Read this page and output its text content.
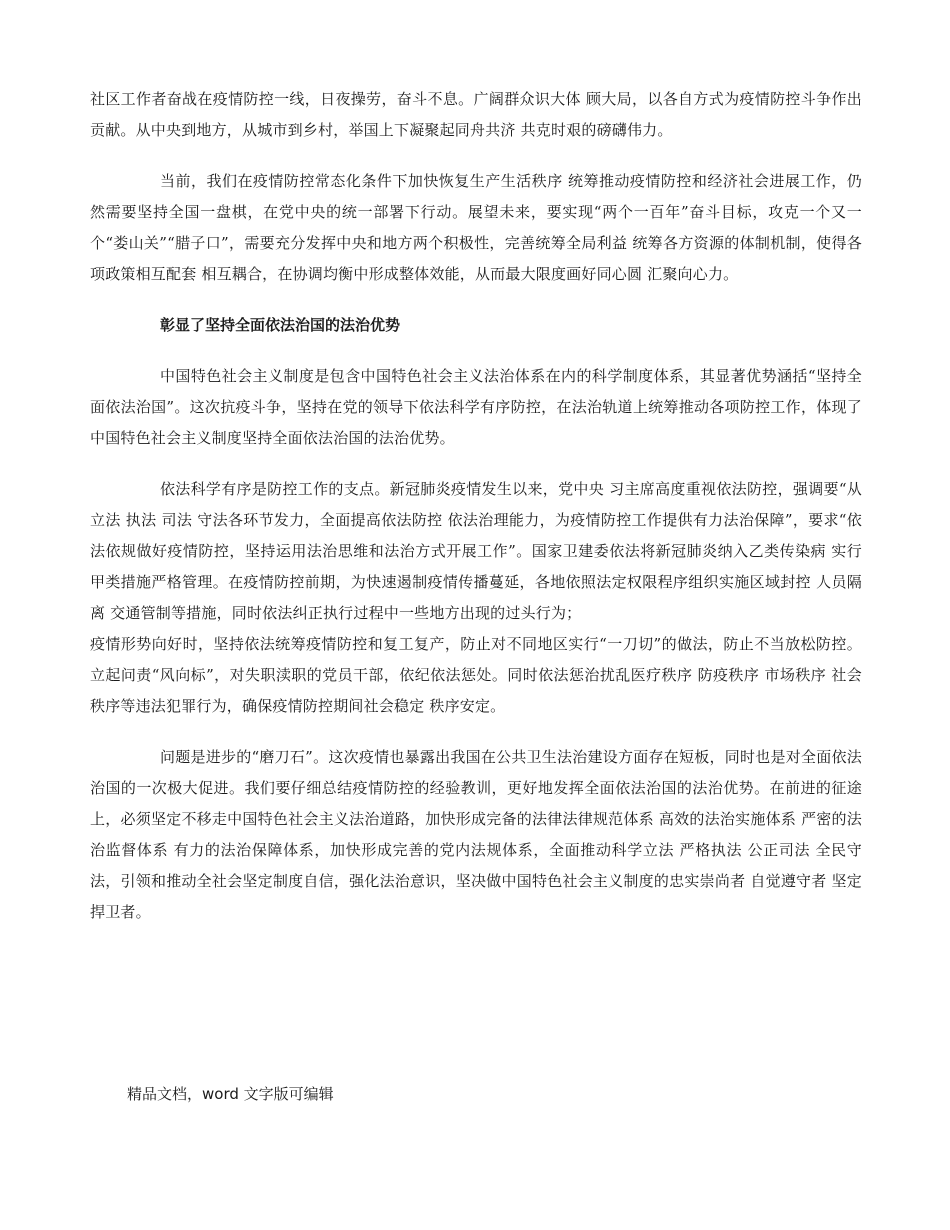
社区工作者奋战在疫情防控一线，日夜操劳，奋斗不息。广阔群众识大体 顾大局，以各自方式为疫情防控斗争作出贡献。从中央到地方，从城市到乡村，举国上下凝聚起同舟共济 共克时艰的磅礴伟力。

当前，我们在疫情防控常态化条件下加快恢复生产生活秩序 统筹推动疫情防控和经济社会进展工作，仍然需要坚持全国一盘棋，在党中央的统一部署下行动。展望未来，要实现“两个一百年”奋斗目标，攻克一个又一个“娄山关”“腊子口”，需要充分发挥中央和地方两个积极性，完善统筹全局利益 统筹各方资源的体制机制，使得各项政策相互配套 相互耦合，在协调均衡中形成整体效能，从而最大限度画好同心圆 汇聚向心力。

彰显了坚持全面依法治国的法治优势

中国特色社会主义制度是包含中国特色社会主义法治体系在内的科学制度体系，其显著优势涵括“坚持全面依法治国”。这次抗疫斗争，坚持在党的领导下依法科学有序防控，在法治轨道上统筹推动各项防控工作，体现了中国特色社会主义制度坚持全面依法治国的法治优势。

依法科学有序是防控工作的支点。新冠肺炎疫情发生以来，党中央 习主席高度重视依法防控，强调要“从立法 执法 司法 守法各环节发力，全面提高依法防控 依法治理能力，为疫情防控工作提供有力法治保障”，要求“依法依规做好疫情防控，坚持运用法治思维和法治方式开展工作”。国家卫建委依法将新冠肺炎纳入乙类传染病 实行甲类措施严格管理。在疫情防控前期，为快速遏制疫情传播蔓延，各地依照法定权限程序组织实施区域封控 人员隔离 交通管制等措施，同时依法纠正执行过程中一些地方出现的过头行为；

疫情形势向好时，坚持依法统筹疫情防控和复工复产，防止对不同地区实行“一刀切”的做法，防止不当放松防控。立起问责“风向标”，对失职渎职的党员干部，依纪依法惩处。同时依法惩治扰乱医疗秩序 防疫秩序 市场秩序 社会秩序等违法犯罪行为，确保疫情防控期间社会稳定 秩序安定。

问题是进步的“磨刀石”。这次疫情也暴露出我国在公共卫生法治建设方面存在短板，同时也是对全面依法治国的一次极大促进。我们要仔细总结疫情防控的经验教训，更好地发挥全面依法治国的法治优势。在前进的征途上，必须坚定不移走中国特色社会主义法治道路，加快形成完备的法律法律规范体系 高效的法治实施体系 严密的法治监督体系 有力的法治保障体系，加快形成完善的党内法规体系，全面推动科学立法 严格执法 公正司法 全民守法，引领和推动全社会坚定制度自信，强化法治意识，坚决做中国特色社会主义制度的忠实崇尚者 自觉遵守者 坚定捍卫者。

精品文档，word 文字版可编辑
